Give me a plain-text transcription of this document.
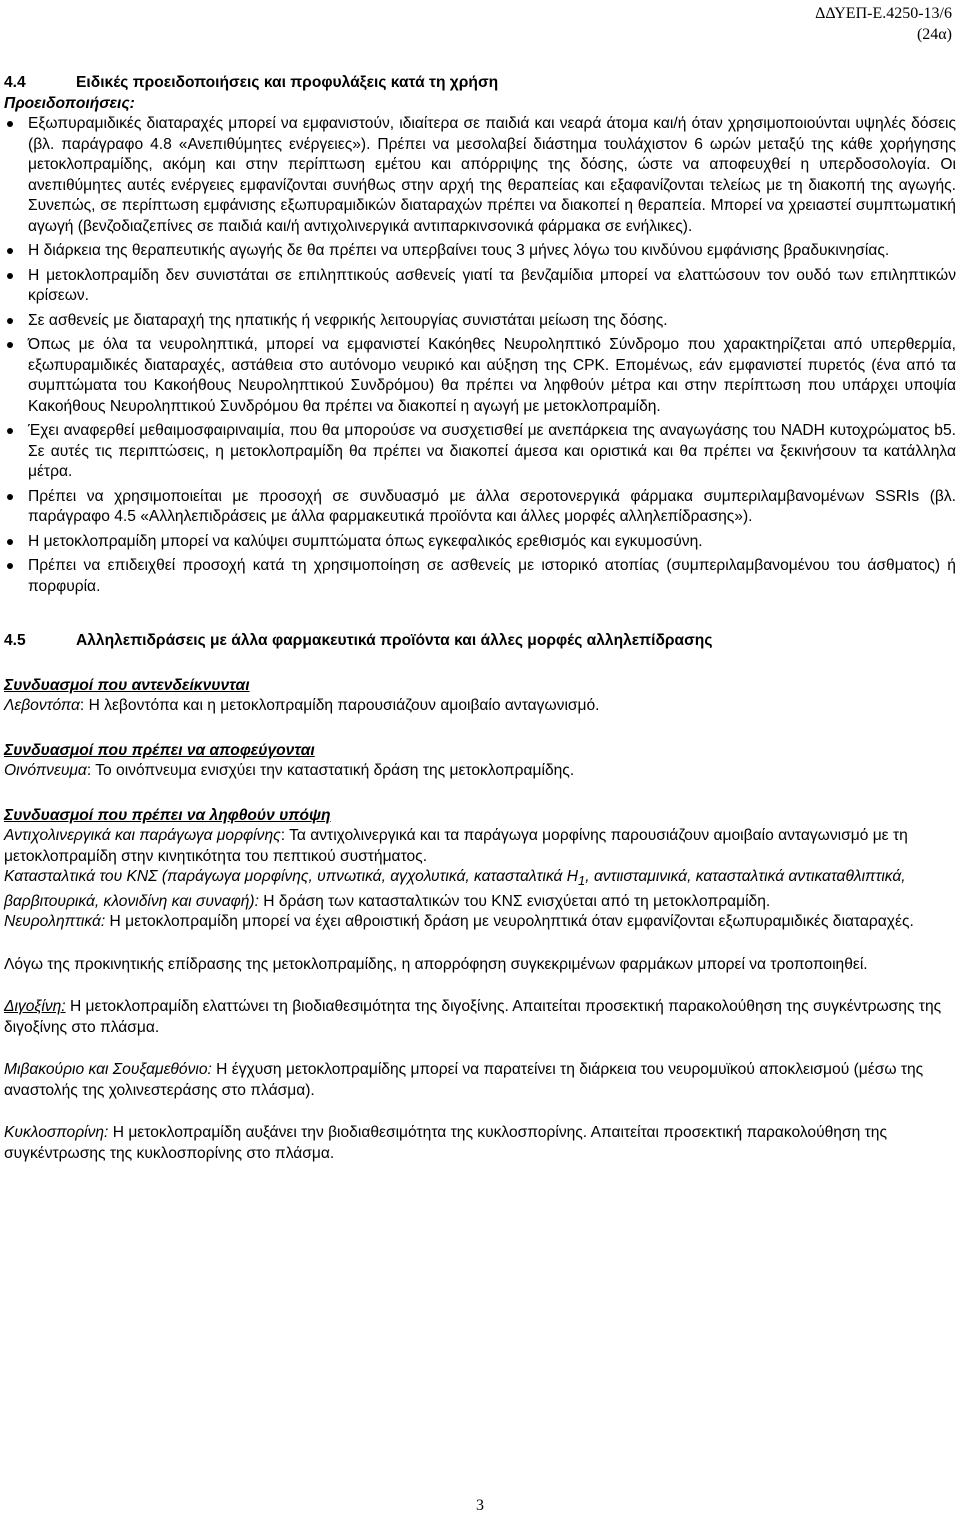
ΔΔΥΕΠ-Ε.4250-13/6
(24α)
4.4	Ειδικές προειδοποιήσεις και προφυλάξεις κατά τη χρήση

Προειδοποιήσεις:

Εξωπυραμιδικές διαταραχές μπορεί να εμφανιστούν, ιδιαίτερα σε παιδιά και νεαρά άτομα και/ή όταν χρησιμοποιούνται υψηλές δόσεις (βλ. παράγραφο 4.8 «Ανεπιθύμητες ενέργειες»). Πρέπει να μεσολαβεί διάστημα τουλάχιστον 6 ωρών μεταξύ της κάθε χορήγησης μετοκλοπραμίδης, ακόμη και στην περίπτωση εμέτου και απόρριψης της δόσης, ώστε να αποφευχθεί η υπερδοσολογία. Οι ανεπιθύμητες αυτές ενέργειες εμφανίζονται συνήθως στην αρχή της θεραπείας και εξαφανίζονται τελείως με τη διακοπή της αγωγής. Συνεπώς, σε περίπτωση εμφάνισης εξωπυραμιδικών διαταραχών πρέπει να διακοπεί η θεραπεία. Μπορεί να χρειαστεί συμπτωματική αγωγή (βενζοδιαζεπίνες σε παιδιά και/ή αντιχολινεργικά αντιπαρκινσονικά φάρμακα σε ενήλικες).
Η διάρκεια της θεραπευτικής αγωγής δε θα πρέπει να υπερβαίνει τους 3 μήνες λόγω του κινδύνου εμφάνισης βραδυκινησίας.
Η μετοκλοπραμίδη δεν συνιστάται σε επιληπτικούς ασθενείς γιατί τα βενζαμίδια μπορεί να ελαττώσουν τον ουδό των επιληπτικών κρίσεων.
Σε ασθενείς με διαταραχή της ηπατικής ή νεφρικής λειτουργίας συνιστάται μείωση της δόσης.
Όπως με όλα τα νευροληπτικά, μπορεί να εμφανιστεί Κακόηθες Νευροληπτικό Σύνδρομο που χαρακτηρίζεται από υπερθερμία, εξωπυραμιδικές διαταραχές, αστάθεια στο αυτόνομο νευρικό και αύξηση της CPK. Επομένως, εάν εμφανιστεί πυρετός (ένα από τα συμπτώματα του Κακοήθους Νευροληπτικού Συνδρόμου) θα πρέπει να ληφθούν μέτρα και στην περίπτωση που υπάρχει υποψία Κακοήθους Νευροληπτικού Συνδρόμου θα πρέπει να διακοπεί η αγωγή με μετοκλοπραμίδη.
Έχει αναφερθεί μεθαιμοσφαιριναιμία, που θα μπορούσε να συσχετισθεί με ανεπάρκεια της αναγωγάσης του NADH κυτοχρώματος b5. Σε αυτές τις περιπτώσεις, η μετοκλοπραμίδη θα πρέπει να διακοπεί άμεσα και οριστικά και θα πρέπει να ξεκινήσουν τα κατάλληλα μέτρα.
Πρέπει να χρησιμοποιείται με προσοχή σε συνδυασμό με άλλα σεροτονεργικά φάρμακα συμπεριλαμβανομένων SSRIs (βλ. παράγραφο 4.5 «Αλληλεπιδράσεις με άλλα φαρμακευτικά προϊόντα και άλλες μορφές αλληλεπίδρασης»).
Η μετοκλοπραμίδη μπορεί να καλύψει συμπτώματα όπως εγκεφαλικός ερεθισμός και εγκυμοσύνη.
Πρέπει να επιδειχθεί προσοχή κατά τη χρησιμοποίηση σε ασθενείς με ιστορικό ατοπίας (συμπεριλαμβανομένου του άσθματος) ή πορφυρία.
4.5	Αλληλεπιδράσεις με άλλα φαρμακευτικά προϊόντα και άλλες μορφές αλληλεπίδρασης

Συνδυασμοί που αντενδείκνυνται

Λεβοντόπα: Η λεβοντόπα και η μετοκλοπραμίδη παρουσιάζουν αμοιβαίο ανταγωνισμό.

Συνδυασμοί που πρέπει να αποφεύγονται

Οινόπνευμα: Το οινόπνευμα ενισχύει την καταστατική δράση της μετοκλοπραμίδης.

Συνδυασμοί που πρέπει να ληφθούν υπόψη

Αντιχολινεργικά και παράγωγα μορφίνης: Τα αντιχολινεργικά και τα παράγωγα μορφίνης παρουσιάζουν αμοιβαίο ανταγωνισμό με τη μετοκλοπραμίδη στην κινητικότητα του πεπτικού συστήματος.

Κατασταλτικά του ΚΝΣ (παράγωγα μορφίνης, υπνωτικά, αγχολυτικά, κατασταλτικά $H_1$, αντιισταμινικά, κατασταλτικά αντικαταθλιπτικά, βαρβιτουρικά, κλονιδίνη και συναφή): Η δράση των κατασταλτικών του ΚΝΣ ενισχύεται από τη μετοκλοπραμίδη.

Νευροληπτικά: Η μετοκλοπραμίδη μπορεί να έχει αθροιστική δράση με νευροληπτικά όταν εμφανίζονται εξωπυραμιδικές διαταραχές.

Λόγω της προκινητικής επίδρασης της μετοκλοπραμίδης, η απορρόφηση συγκεκριμένων φαρμάκων μπορεί να τροποποιηθεί.

Διγοξίνη: Η μετοκλοπραμίδη ελαττώνει τη βιοδιαθεσιμότητα της διγοξίνης. Απαιτείται προσεκτική παρακολούθηση της συγκέντρωσης της διγοξίνης στο πλάσμα.

Μιβακούριο και Σουξαμεθόνιο: Η έγχυση μετοκλοπραμίδης μπορεί να παρατείνει τη διάρκεια του νευρομυϊκού αποκλεισμού (μέσω της αναστολής της χολινεστεράσης στο πλάσμα).

Κυκλοσπορίνη: Η μετοκλοπραμίδη αυξάνει την βιοδιαθεσιμότητα της κυκλοσπορίνης. Απαιτείται προσεκτική παρακολούθηση της συγκέντρωσης της κυκλοσπορίνης στο πλάσμα.

3
